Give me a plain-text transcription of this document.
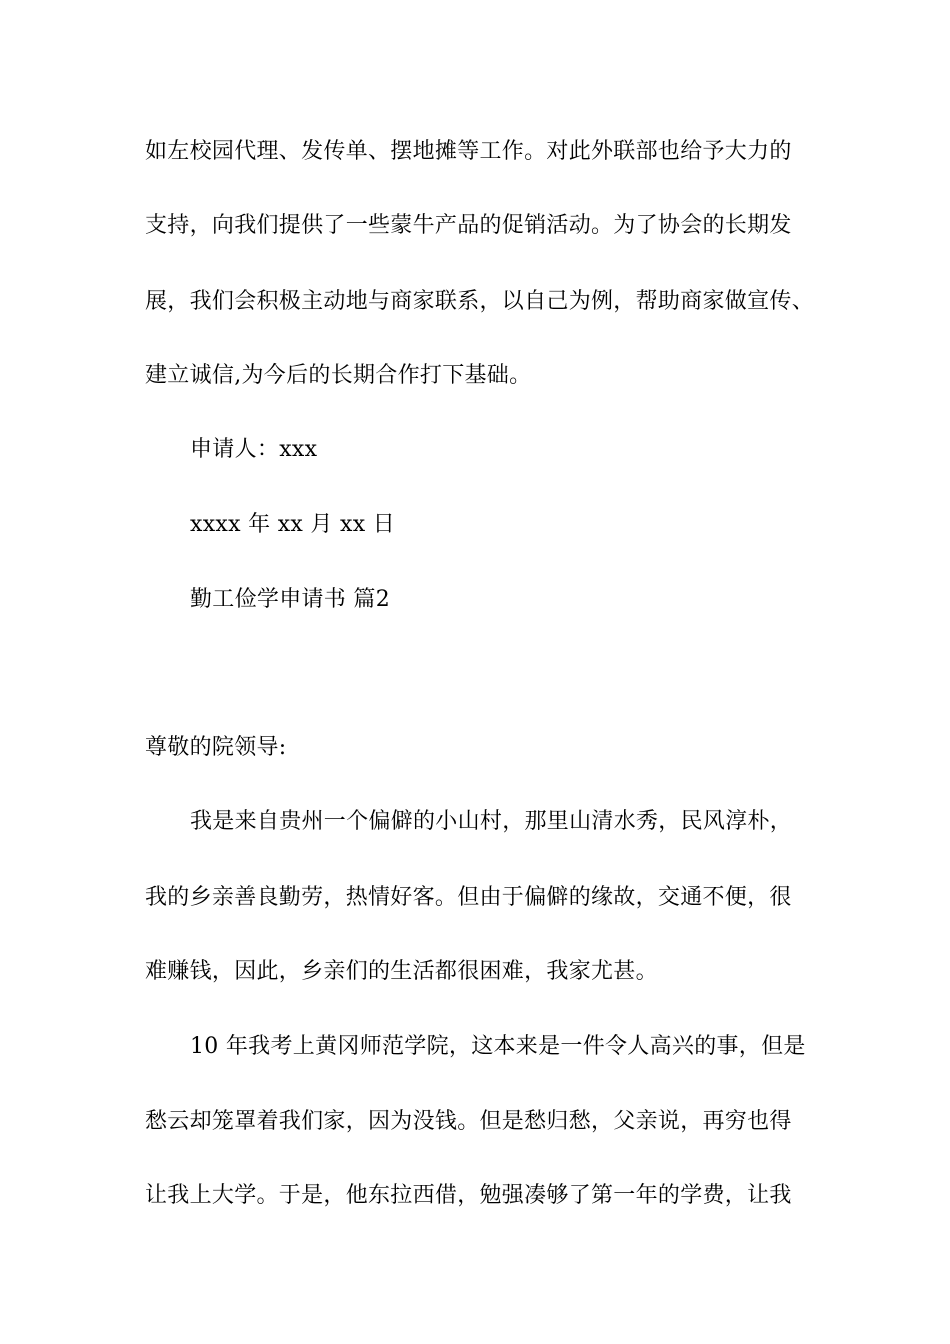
如左校园代理、发传单、摆地摊等工作。对此外联部也给予大力的
支持，向我们提供了一些蒙牛产品的促销活动。为了协会的长期发
展，我们会积极主动地与商家联系，以自己为例，帮助商家做宣传、
建立诚信,为今后的长期合作打下基础。
申请人：xxx
xxxx 年 xx 月 xx 日
勤工俭学申请书 篇2
尊敬的院领导:
我是来自贵州一个偏僻的小山村，那里山清水秀，民风淳朴，
我的乡亲善良勤劳，热情好客。但由于偏僻的缘故，交通不便，很
难赚钱，因此，乡亲们的生活都很困难，我家尤甚。
10 年我考上黄冈师范学院，这本来是一件令人高兴的事，但是
愁云却笼罩着我们家，因为没钱。但是愁归愁，父亲说，再穷也得
让我上大学。于是，他东拉西借，勉强凑够了第一年的学费，让我
